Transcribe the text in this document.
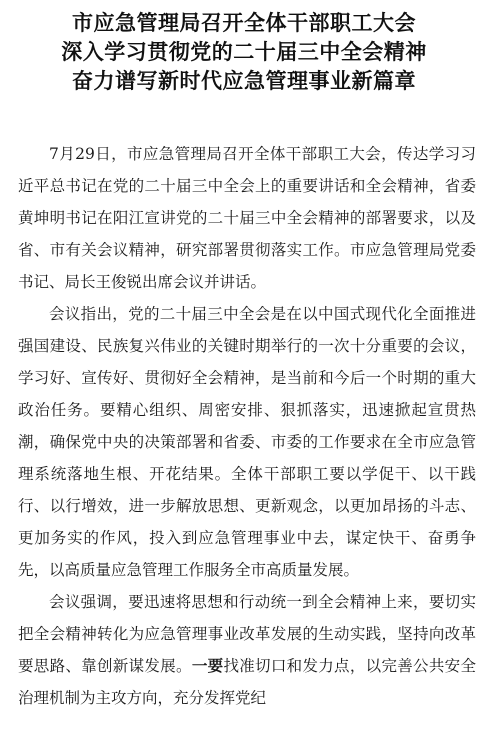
市应急管理局召开全体干部职工大会
深入学习贯彻党的二十届三中全会精神
奋力谱写新时代应急管理事业新篇章

7月29日，市应急管理局召开全体干部职工大会，传达学习习近平总书记在党的二十届三中全会上的重要讲话和全会精神，省委黄坤明书记在阳江宣讲党的二十届三中全会精神的部署要求，以及省、市有关会议精神，研究部署贯彻落实工作。市应急管理局党委书记、局长王俊锐出席会议并讲话。

会议指出，党的二十届三中全会是在以中国式现代化全面推进强国建设、民族复兴伟业的关键时期举行的一次十分重要的会议，学习好、宣传好、贯彻好全会精神，是当前和今后一个时期的重大政治任务。要精心组织、周密安排、狠抓落实，迅速掀起宣贯热潮，确保党中央的决策部署和省委、市委的工作要求在全市应急管理系统落地生根、开花结果。全体干部职工要以学促干、以干践行、以行增效，进一步解放思想、更新观念，以更加昂扬的斗志、更加务实的作风，投入到应急管理事业中去，谋定快干、奋勇争先，以高质量应急管理工作服务全市高质量发展。

会议强调，要迅速将思想和行动统一到全会精神上来，要切实把全会精神转化为应急管理事业改革发展的生动实践，坚持向改革要思路、靠创新谋发展。一要找准切口和发力点，以完善公共安全治理机制为主攻方向，充分发挥党纪
